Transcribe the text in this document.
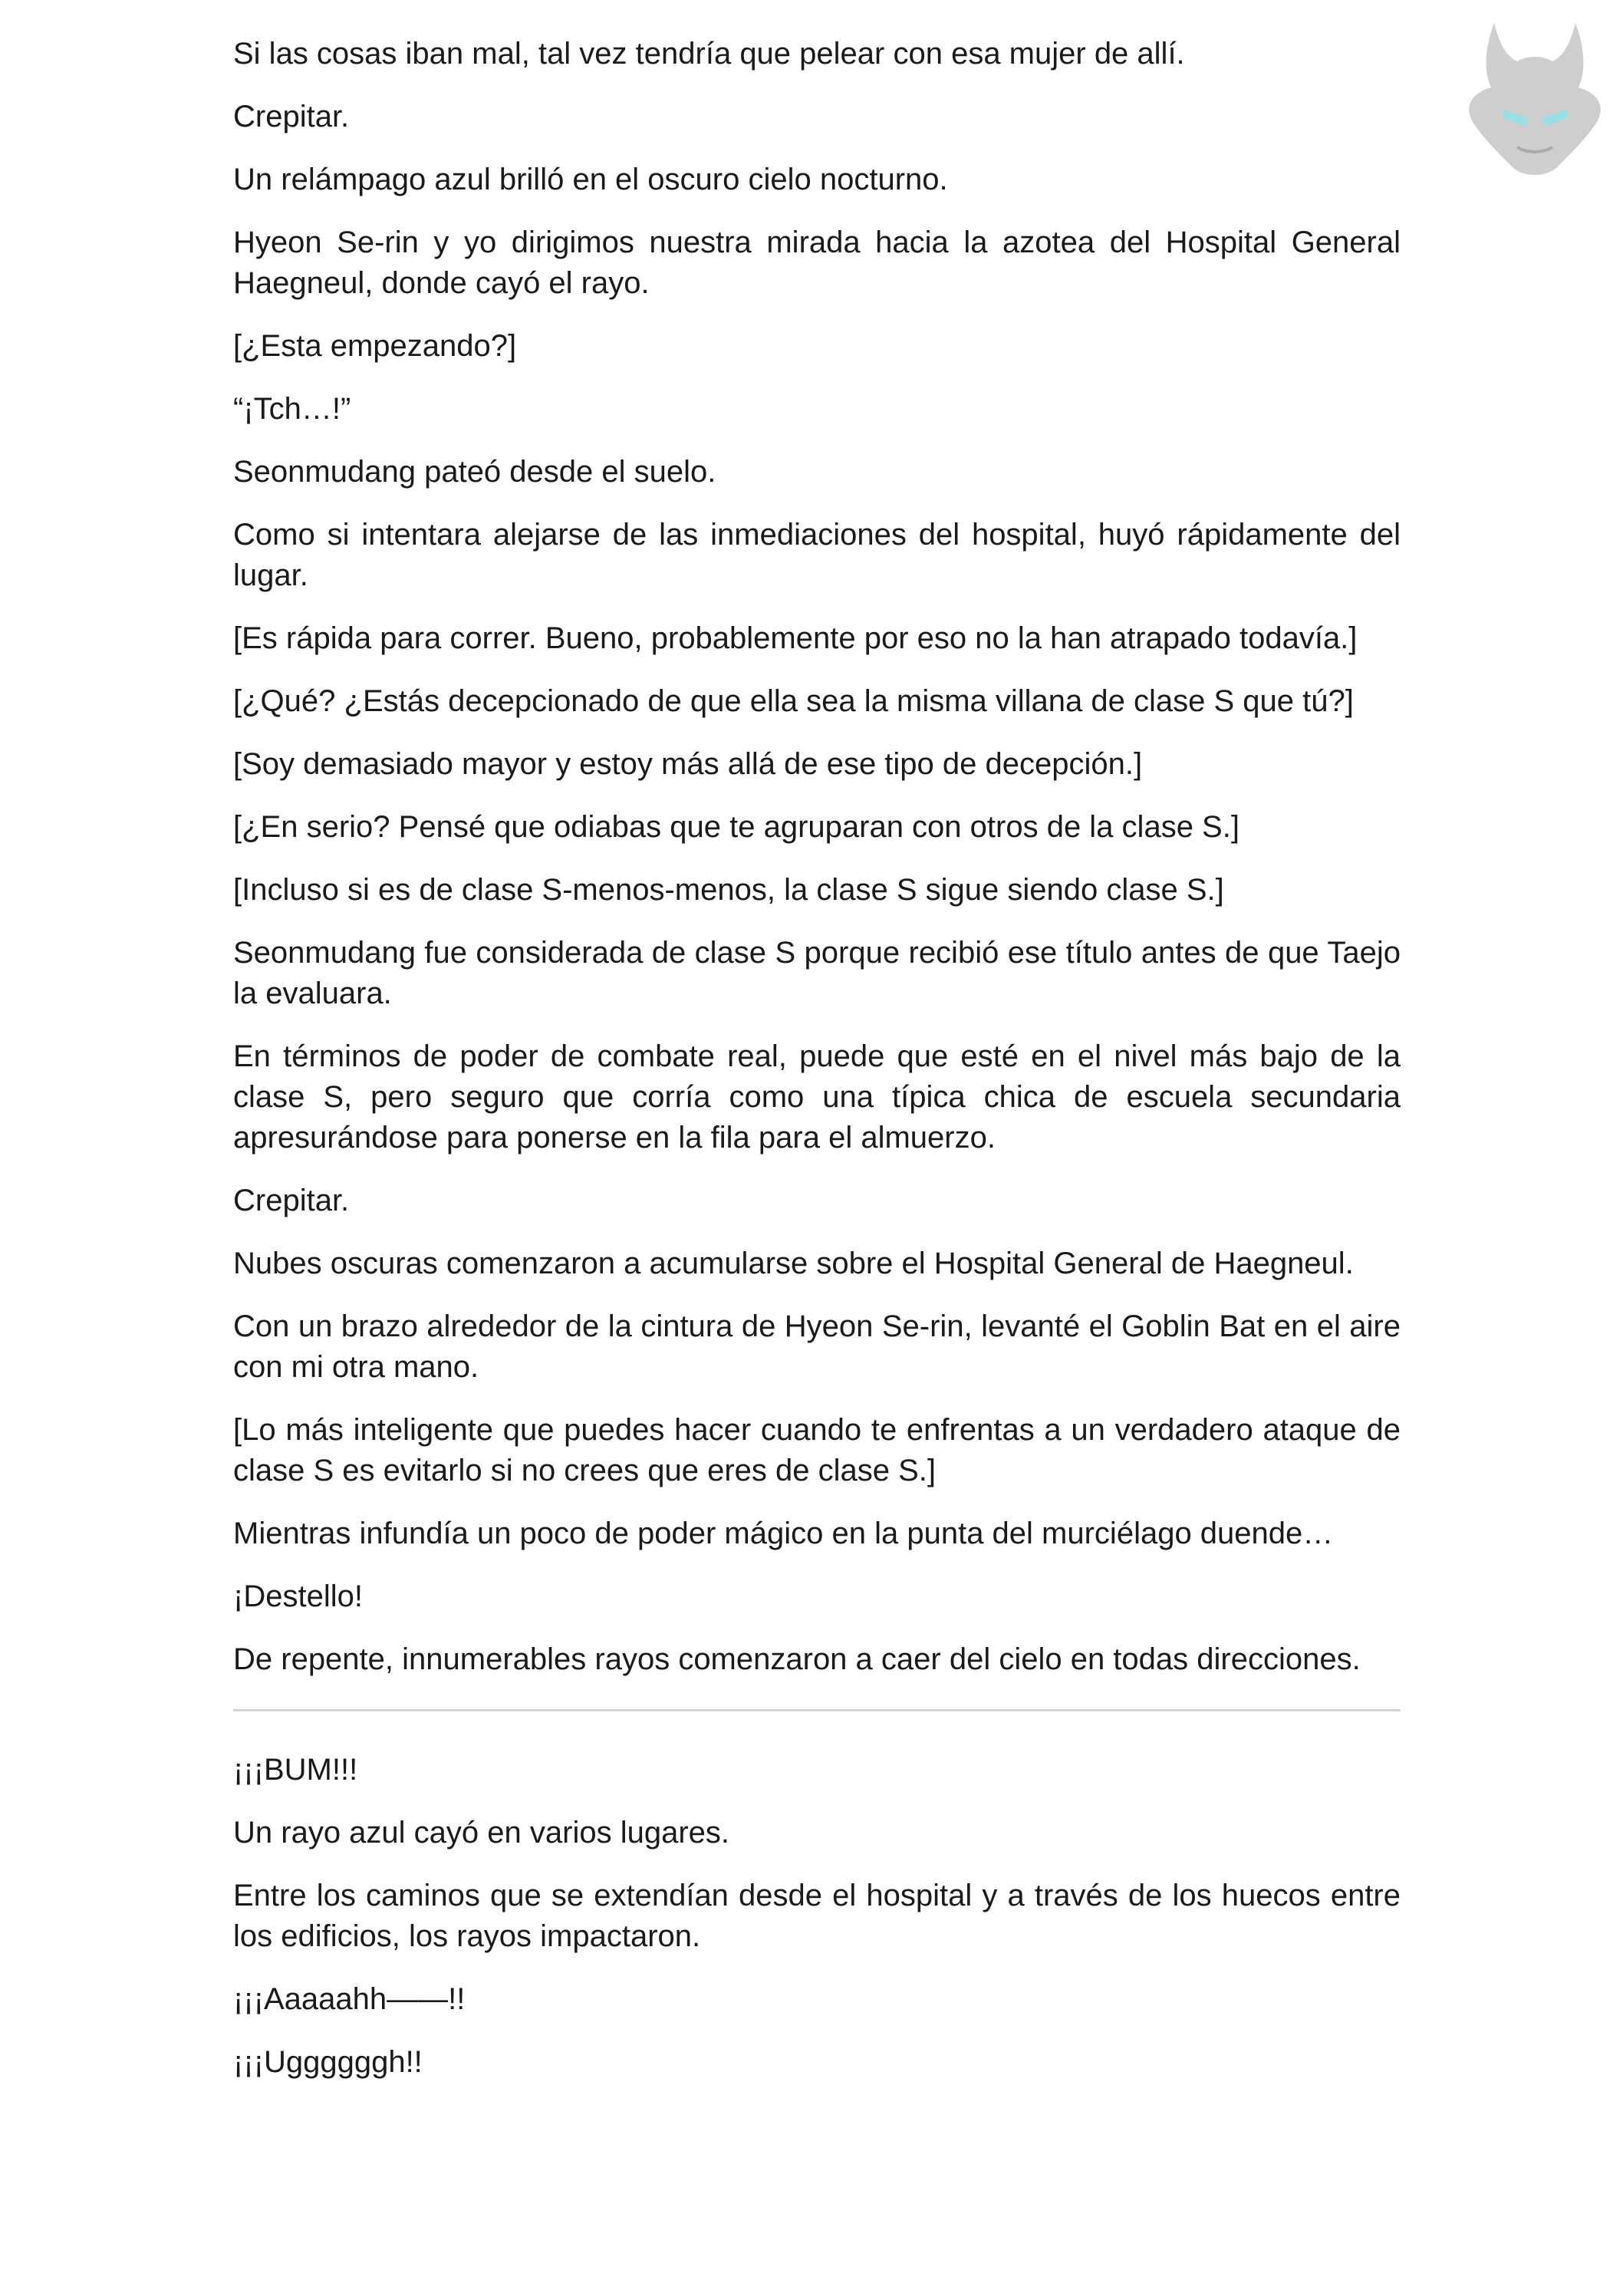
Si las cosas iban mal, tal vez tendría que pelear con esa mujer de allí.

Crepitar.

Un relámpago azul brilló en el oscuro cielo nocturno.

Hyeon Se-rin y yo dirigimos nuestra mirada hacia la azotea del Hospital General Haegneul, donde cayó el rayo.

[¿Esta empezando?]

“¡Tch…!”

Seonmudang pateó desde el suelo.

Como si intentara alejarse de las inmediaciones del hospital, huyó rápidamente del lugar.

[Es rápida para correr. Bueno, probablemente por eso no la han atrapado todavía.]

[¿Qué? ¿Estás decepcionado de que ella sea la misma villana de clase S que tú?]

[Soy demasiado mayor y estoy más allá de ese tipo de decepción.]

[¿En serio? Pensé que odiabas que te agruparan con otros de la clase S.]

[Incluso si es de clase S-menos-menos, la clase S sigue siendo clase S.]

Seonmudang fue considerada de clase S porque recibió ese título antes de que Taejo la evaluara.

En términos de poder de combate real, puede que esté en el nivel más bajo de la clase S, pero seguro que corría como una típica chica de escuela secundaria apresurándose para ponerse en la fila para el almuerzo.

Crepitar.

Nubes oscuras comenzaron a acumularse sobre el Hospital General de Haegneul.

Con un brazo alrededor de la cintura de Hyeon Se-rin, levanté el Goblin Bat en el aire con mi otra mano.

[Lo más inteligente que puedes hacer cuando te enfrentas a un verdadero ataque de clase S es evitarlo si no crees que eres de clase S.]

Mientras infundía un poco de poder mágico en la punta del murciélago duende…

¡Destello!

De repente, innumerables rayos comenzaron a caer del cielo en todas direcciones.

¡¡¡BUM!!!

Un rayo azul cayó en varios lugares.

Entre los caminos que se extendían desde el hospital y a través de los huecos entre los edificios, los rayos impactaron.

¡¡¡Aaaaahh——!!

¡¡¡Uggggggh!!
